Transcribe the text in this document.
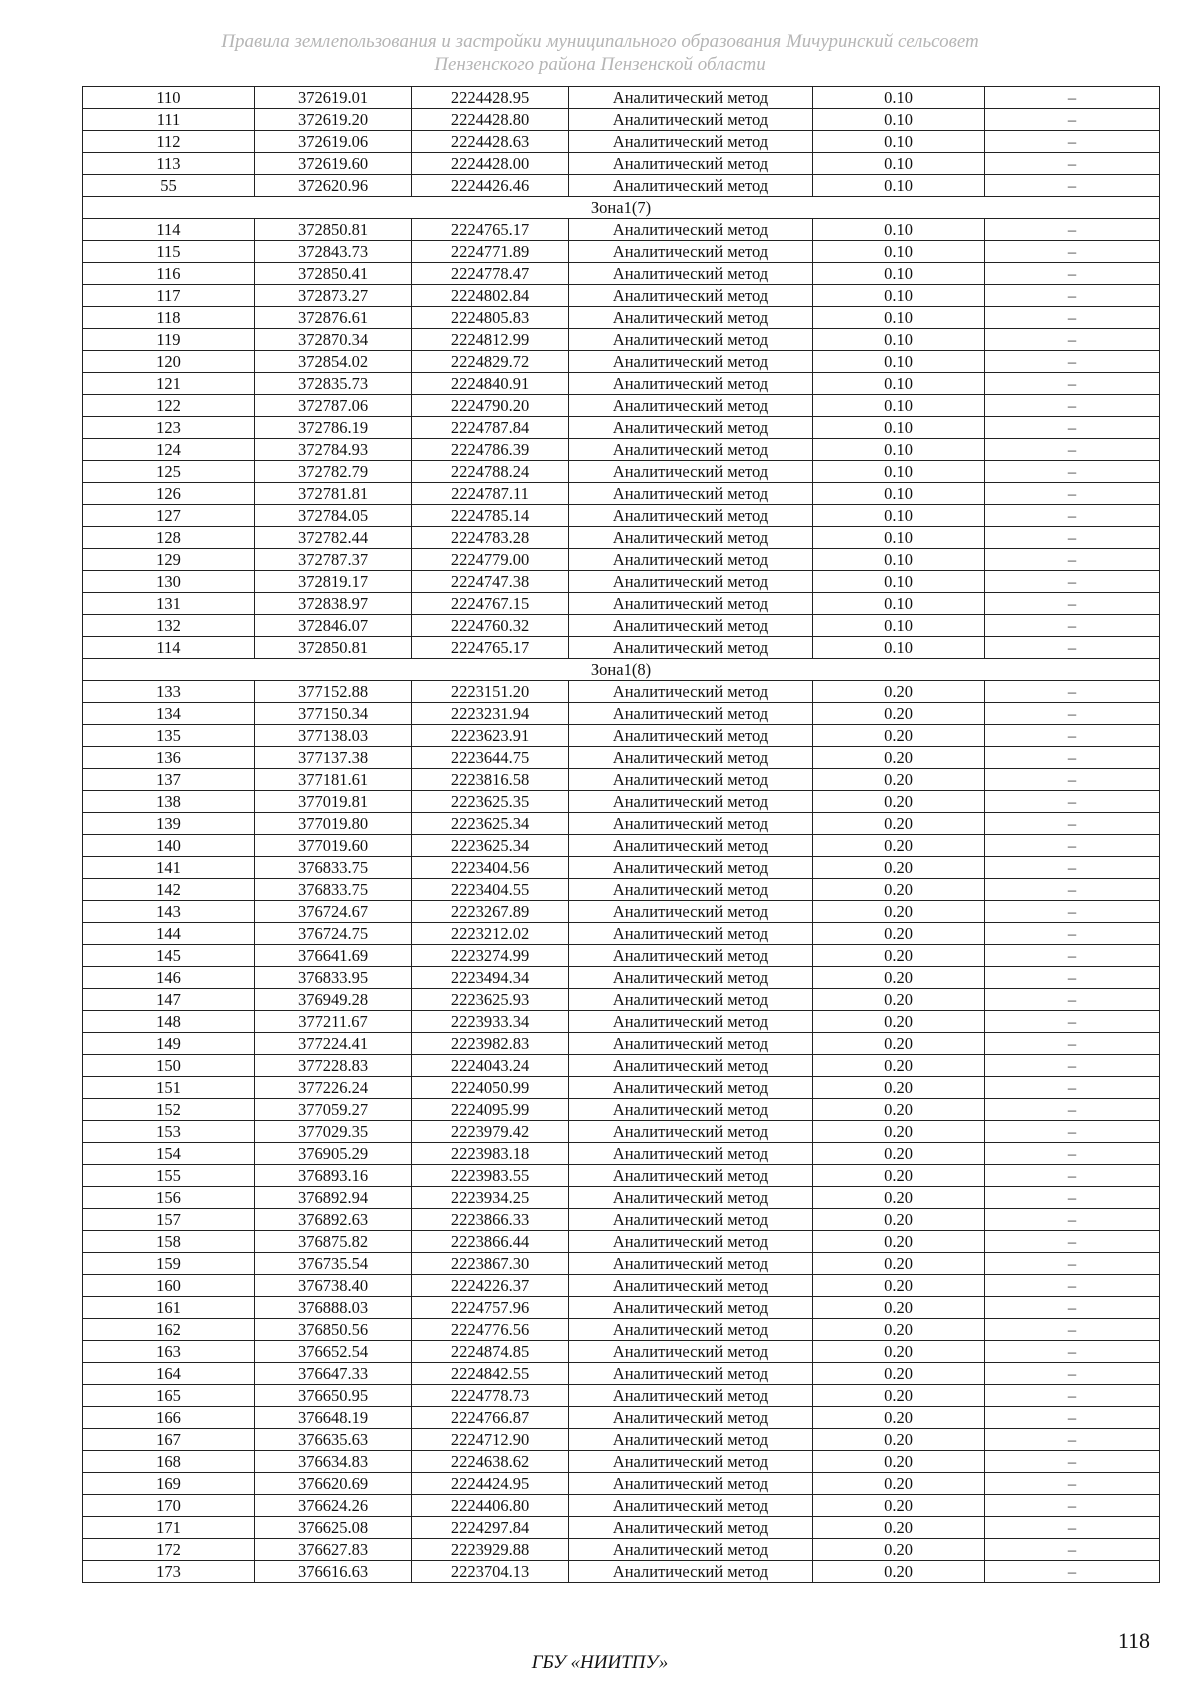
Правила землепользования и застройки муниципального образования Мичуринский сельсовет
Пензенского района Пензенской области
110	372619.01	2224428.95	Аналитический метод	0.10	–
111	372619.20	2224428.80	Аналитический метод	0.10	–
112	372619.06	2224428.63	Аналитический метод	0.10	–
113	372619.60	2224428.00	Аналитический метод	0.10	–
55	372620.96	2224426.46	Аналитический метод	0.10	–
Зона1(7)					
114	372850.81	2224765.17	Аналитический метод	0.10	–
115	372843.73	2224771.89	Аналитический метод	0.10	–
116	372850.41	2224778.47	Аналитический метод	0.10	–
117	372873.27	2224802.84	Аналитический метод	0.10	–
118	372876.61	2224805.83	Аналитический метод	0.10	–
119	372870.34	2224812.99	Аналитический метод	0.10	–
120	372854.02	2224829.72	Аналитический метод	0.10	–
121	372835.73	2224840.91	Аналитический метод	0.10	–
122	372787.06	2224790.20	Аналитический метод	0.10	–
123	372786.19	2224787.84	Аналитический метод	0.10	–
124	372784.93	2224786.39	Аналитический метод	0.10	–
125	372782.79	2224788.24	Аналитический метод	0.10	–
126	372781.81	2224787.11	Аналитический метод	0.10	–
127	372784.05	2224785.14	Аналитический метод	0.10	–
128	372782.44	2224783.28	Аналитический метод	0.10	–
129	372787.37	2224779.00	Аналитический метод	0.10	–
130	372819.17	2224747.38	Аналитический метод	0.10	–
131	372838.97	2224767.15	Аналитический метод	0.10	–
132	372846.07	2224760.32	Аналитический метод	0.10	–
114	372850.81	2224765.17	Аналитический метод	0.10	–
Зона1(8)					
133	377152.88	2223151.20	Аналитический метод	0.20	–
134	377150.34	2223231.94	Аналитический метод	0.20	–
135	377138.03	2223623.91	Аналитический метод	0.20	–
136	377137.38	2223644.75	Аналитический метод	0.20	–
137	377181.61	2223816.58	Аналитический метод	0.20	–
138	377019.81	2223625.35	Аналитический метод	0.20	–
139	377019.80	2223625.34	Аналитический метод	0.20	–
140	377019.60	2223625.34	Аналитический метод	0.20	–
141	376833.75	2223404.56	Аналитический метод	0.20	–
142	376833.75	2223404.55	Аналитический метод	0.20	–
143	376724.67	2223267.89	Аналитический метод	0.20	–
144	376724.75	2223212.02	Аналитический метод	0.20	–
145	376641.69	2223274.99	Аналитический метод	0.20	–
146	376833.95	2223494.34	Аналитический метод	0.20	–
147	376949.28	2223625.93	Аналитический метод	0.20	–
148	377211.67	2223933.34	Аналитический метод	0.20	–
149	377224.41	2223982.83	Аналитический метод	0.20	–
150	377228.83	2224043.24	Аналитический метод	0.20	–
151	377226.24	2224050.99	Аналитический метод	0.20	–
152	377059.27	2224095.99	Аналитический метод	0.20	–
153	377029.35	2223979.42	Аналитический метод	0.20	–
154	376905.29	2223983.18	Аналитический метод	0.20	–
155	376893.16	2223983.55	Аналитический метод	0.20	–
156	376892.94	2223934.25	Аналитический метод	0.20	–
157	376892.63	2223866.33	Аналитический метод	0.20	–
158	376875.82	2223866.44	Аналитический метод	0.20	–
159	376735.54	2223867.30	Аналитический метод	0.20	–
160	376738.40	2224226.37	Аналитический метод	0.20	–
161	376888.03	2224757.96	Аналитический метод	0.20	–
162	376850.56	2224776.56	Аналитический метод	0.20	–
163	376652.54	2224874.85	Аналитический метод	0.20	–
164	376647.33	2224842.55	Аналитический метод	0.20	–
165	376650.95	2224778.73	Аналитический метод	0.20	–
166	376648.19	2224766.87	Аналитический метод	0.20	–
167	376635.63	2224712.90	Аналитический метод	0.20	–
168	376634.83	2224638.62	Аналитический метод	0.20	–
169	376620.69	2224424.95	Аналитический метод	0.20	–
170	376624.26	2224406.80	Аналитический метод	0.20	–
171	376625.08	2224297.84	Аналитический метод	0.20	–
172	376627.83	2223929.88	Аналитический метод	0.20	–
173	376616.63	2223704.13	Аналитический метод	0.20	–
118
ГБУ «НИИТПУ»
